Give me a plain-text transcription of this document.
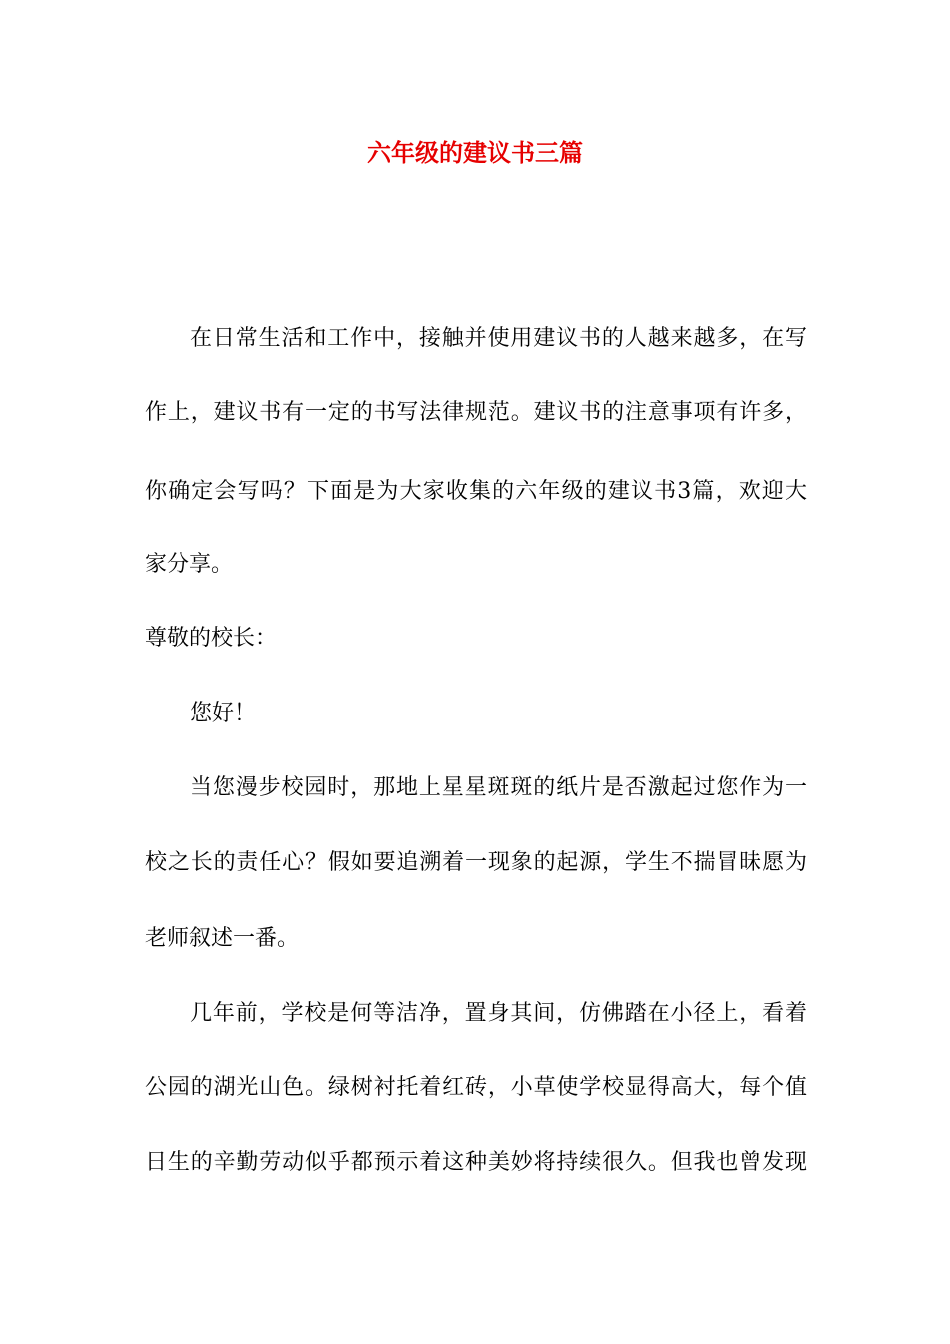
六年级的建议书三篇

在日常生活和工作中，接触并使用建议书的人越来越多，在写

作上，建议书有一定的书写法律规范。建议书的注意事项有许多，

你确定会写吗？下面是为大家收集的六年级的建议书3篇，欢迎大

家分享。

尊敬的校长：

您好！

当您漫步校园时，那地上星星斑斑的纸片是否激起过您作为一

校之长的责任心？假如要追溯着一现象的起源，学生不揣冒昧愿为

老师叙述一番。

几年前，学校是何等洁净，置身其间，仿佛踏在小径上，看着

公园的湖光山色。绿树衬托着红砖，小草使学校显得高大，每个值

日生的辛勤劳动似乎都预示着这种美妙将持续很久。但我也曾发现
